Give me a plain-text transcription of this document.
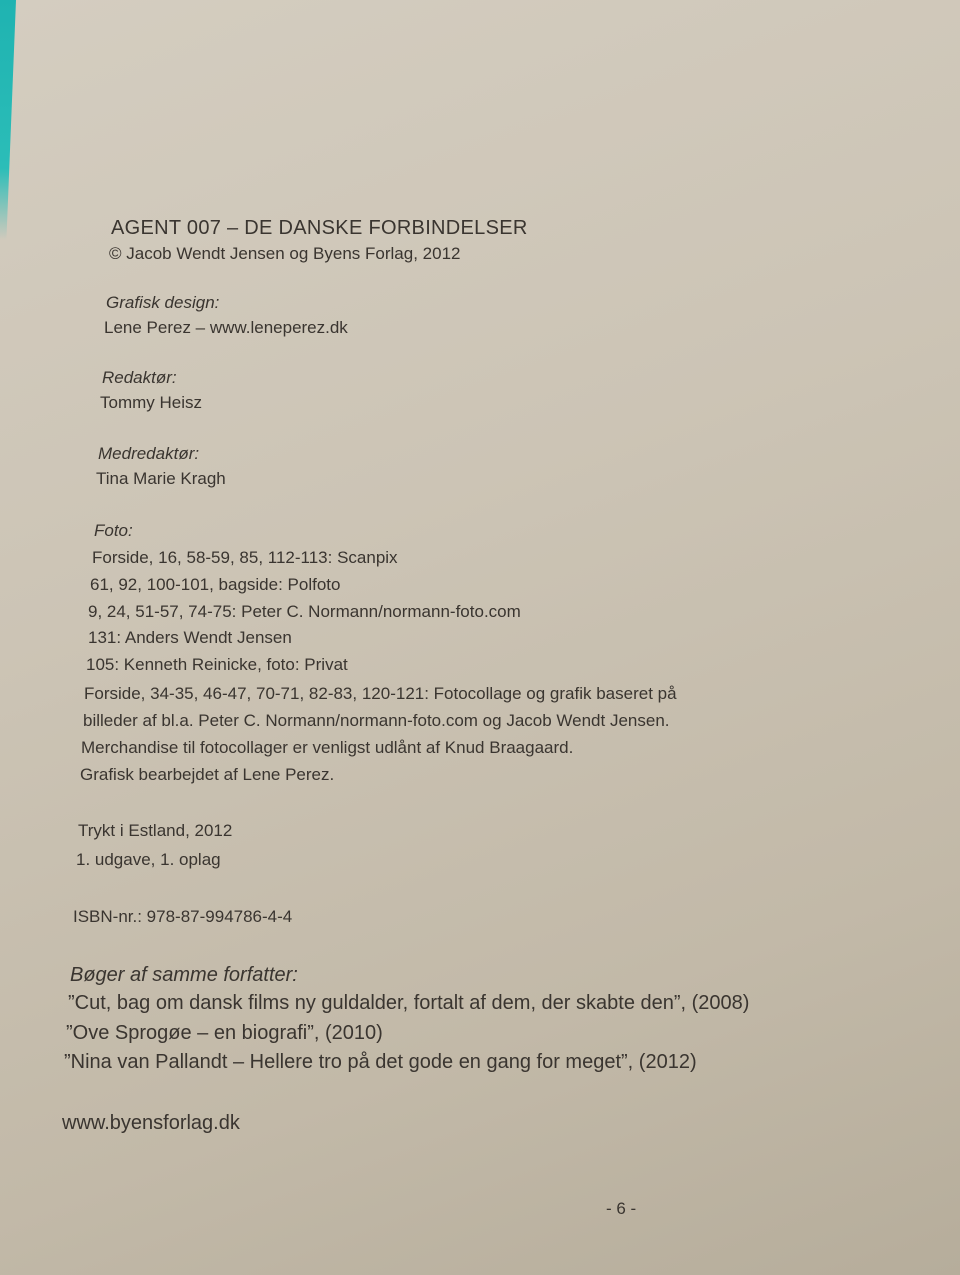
AGENT 007 – DE DANSKE FORBINDELSER
© Jacob Wendt Jensen og Byens Forlag, 2012
Grafisk design:
Lene Perez – www.leneperez.dk
Redaktør:
Tommy Heisz
Medredaktør:
Tina Marie Kragh
Foto:
Forside, 16, 58-59, 85, 112-113: Scanpix
61, 92, 100-101, bagside: Polfoto
9, 24, 51-57, 74-75: Peter C. Normann/normann-foto.com
131: Anders Wendt Jensen
105: Kenneth Reinicke, foto: Privat
Forside, 34-35, 46-47, 70-71, 82-83, 120-121: Fotocollage og grafik baseret på
billeder af bl.a. Peter C. Normann/normann-foto.com og Jacob Wendt Jensen.
Merchandise til fotocollager er venligst udlånt af Knud Braagaard.
Grafisk bearbejdet af Lene Perez.
Trykt i Estland, 2012
1. udgave, 1. oplag
ISBN-nr.: 978-87-994786-4-4
Bøger af samme forfatter:
”Cut, bag om dansk films ny guldalder, fortalt af dem, der skabte den”, (2008)
”Ove Sprogøe – en biografi”, (2010)
”Nina van Pallandt – Hellere tro på det gode en gang for meget”, (2012)
www.byensforlag.dk
- 6 -
